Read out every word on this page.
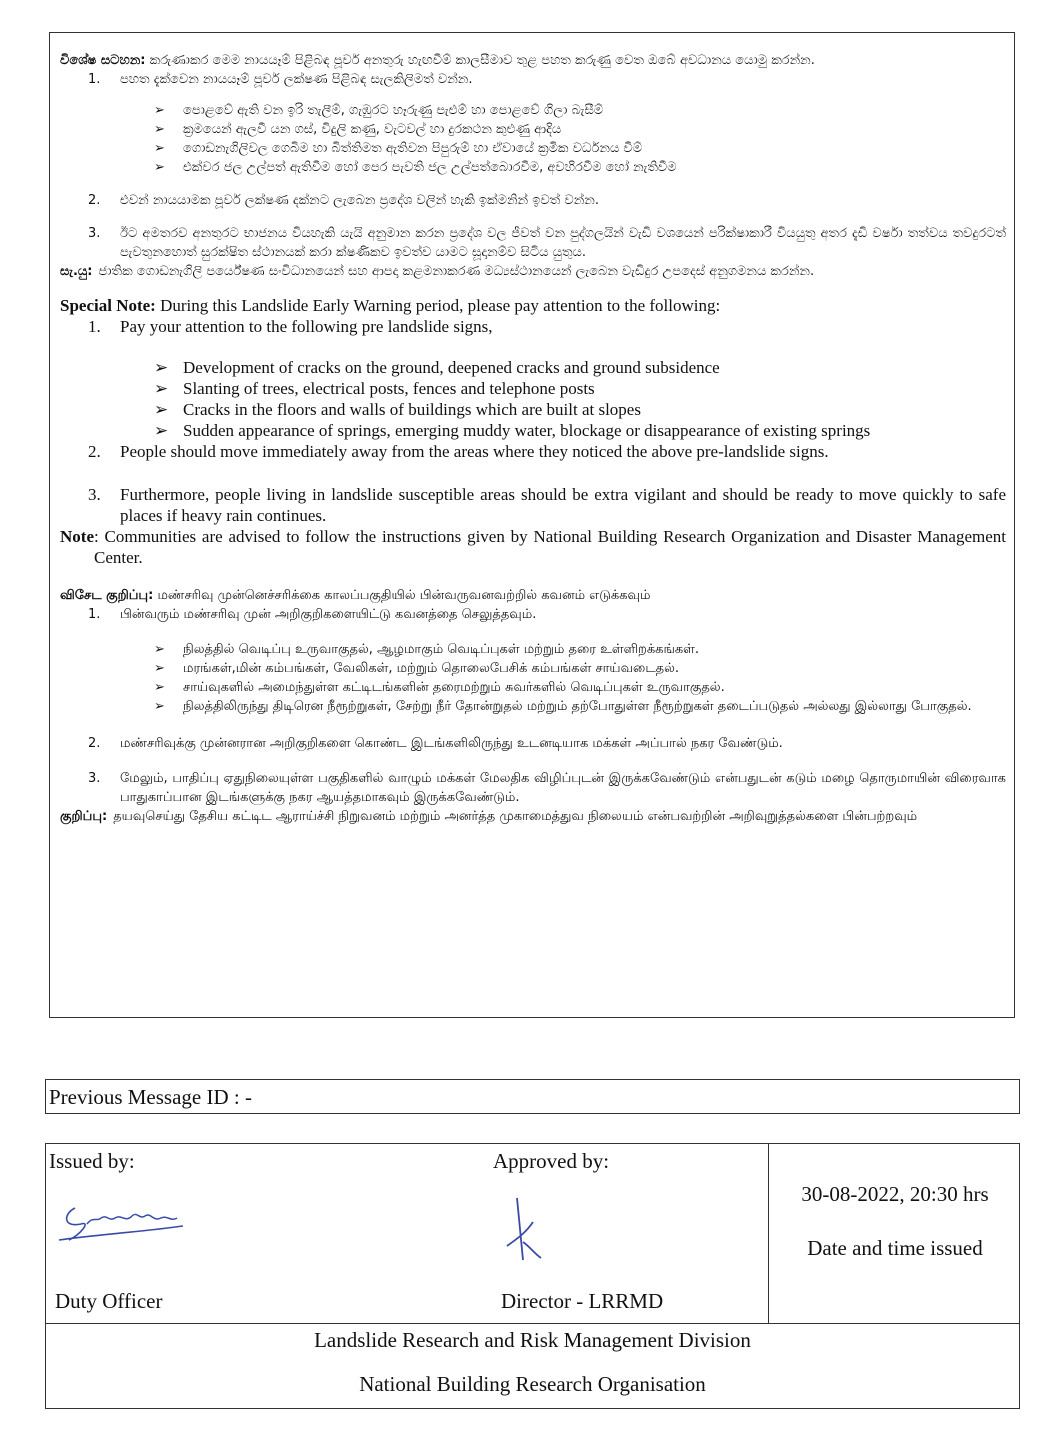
විශේෂ සටහන: කරුණාකර මෙම නායයෑම් පිළිබඳ පූර්ව අනතුරු හැඟවීම් කාලසීමාව තුළ පහත කරුණු වෙත ඔබේ අවධානය යොමු කරන්න.
1.	පහත දැක්වෙන නායයෑම් පූර්ව ලක්ෂණ පිළිබඳ සැලකිලිමත් වන්න.
➢	පොළවේ ඇති වන ඉරි තැලීම්, ගැඹුරට හෑරුණු පැළුම් හා පොළවේ ගිලා බැසීම්
➢	ක්‍රමයෙන් ඇලවී යන ගස්, විදුලි කණු, වැටවල් හා දුරකථන කුළුණු ආදිය
➢	ගොඩනැගිලිවල ගෙබිම හා බිත්තිමත ඇතිවන පිපුරුම් හා ඒවායේ ක්‍රමික වර්ධනය වීම්
➢	එක්වර ජල උල්පත් ඇතිවීම හෝ පෙර පැවති ජල උල්පත්බොරවීම, අවහිරවීම හෝ නැතිවීම
2.	එවන් නායයාමක පූර්ව ලක්ෂණ දක්නට ලැබෙන ප්‍රදේශ වලින් හැකි ඉක්මනින් ඉවත් වන්න.
3.	ඊට අමතරව අනතුරට භාජනය වියහැකි යැයි අනුමාන කරන ප්‍රදේශ වල ජීවත් වන පුද්ගලයින් වැඩි වශයෙන් පරික්ෂාකාරී වියයුතු අතර දැඩි වර්ෂා තත්වය තවදුරටත් පැවතුනහොත් සුරක්ෂිත ස්ථානයක් කරා ක්ෂණිකව ඉවත්ව යාමට සූදානම්ව සිටිය යුතුය.
සැ.යු: ජාතික ගොඩනැගිලි පර්යේෂණ සංවිධානයෙන් සහ ආපදා කළමනාකරණ මධ්‍යස්ථානයෙන් ලැබෙන වැඩිදුර උපදෙස් අනුගමනය කරන්න.
Special Note: During this Landslide Early Warning period, please pay attention to the following:
1.	Pay your attention to the following pre landslide signs,
➢ Development of cracks on the ground, deepened cracks and ground subsidence
➢ Slanting of trees, electrical posts, fences and telephone posts
➢ Cracks in the floors and walls of buildings which are built at slopes
➢ Sudden appearance of springs, emerging muddy water, blockage or disappearance of existing springs
2.	People should move immediately away from the areas where they noticed the above pre-landslide signs.
3.	Furthermore, people living in landslide susceptible areas should be extra vigilant and should be ready to move quickly to safe places if heavy rain continues.
Note : Communities are advised to follow the instructions given by National Building Research Organization and Disaster Management Center.
விசேட குறிப்பு: மண்சரிவு முன்னெச்சரிக்கை காலப்பகுதியில் பின்வருவனவற்றில் கவனம் எடுக்கவும்
1.	பின்வரும் மண்சரிவு முன் அறிகுறிகளையிட்டு கவனத்தை செலுத்தவும்.
➢	நிலத்தில் வெடிப்பு உருவாகுதல், ஆழமாகும் வெடிப்புகள் மற்றும் தரை உள்ளிறக்கங்கள்.
➢	மரங்கள்,மின் கம்பங்கள், வேலிகள், மற்றும் தொலைபேசிக் கம்பங்கள் சாய்வடைதல்.
➢	சாய்வுகளில் அமைந்துள்ள கட்டிடங்களின் தரைமற்றும் சுவர்களில் வெடிப்புகள் உருவாகுதல்.
➢	நிலத்திலிருந்து திடிரென நீரூற்றுகள், சேற்று நீர் தோன்றுதல் மற்றும் தற்போதுள்ள நீரூற்றுகள் தடைப்படுதல் அல்லது இல்லாது போகுதல்.
2.	மண்சரிவுக்கு முன்னரான அறிகுறிகளை கொண்ட இடங்களிலிருந்து உடனடியாக மக்கள் அப்பால் நகர வேண்டும்.
3.	மேலும், பாதிப்பு ஏதுநிலையுள்ள பகுதிகளில் வாழும் மக்கள் மேலதிக விழிப்புடன் இருக்கவேண்டும் என்பதுடன் கடும் மழை தொருமாயின் விரைவாக பாதுகாப்பான இடங்களுக்கு நகர ஆயத்தமாகவும் இருக்கவேண்டும்.
குறிப்பு: தயவுசெய்து தேசிய கட்டிட ஆராய்ச்சி நிறுவனம் மற்றும் அனர்த்த முகாமைத்துவ நிலையம் என்பவற்றின் அறிவுறுத்தல்களை பின்பற்றவும்
Previous Message ID : -
Issued by:	Approved by:
Duty Officer	Director - LRRMD
30-08-2022, 20:30 hrs
Date and time issued
Landslide Research and Risk Management Division
National Building Research Organisation
